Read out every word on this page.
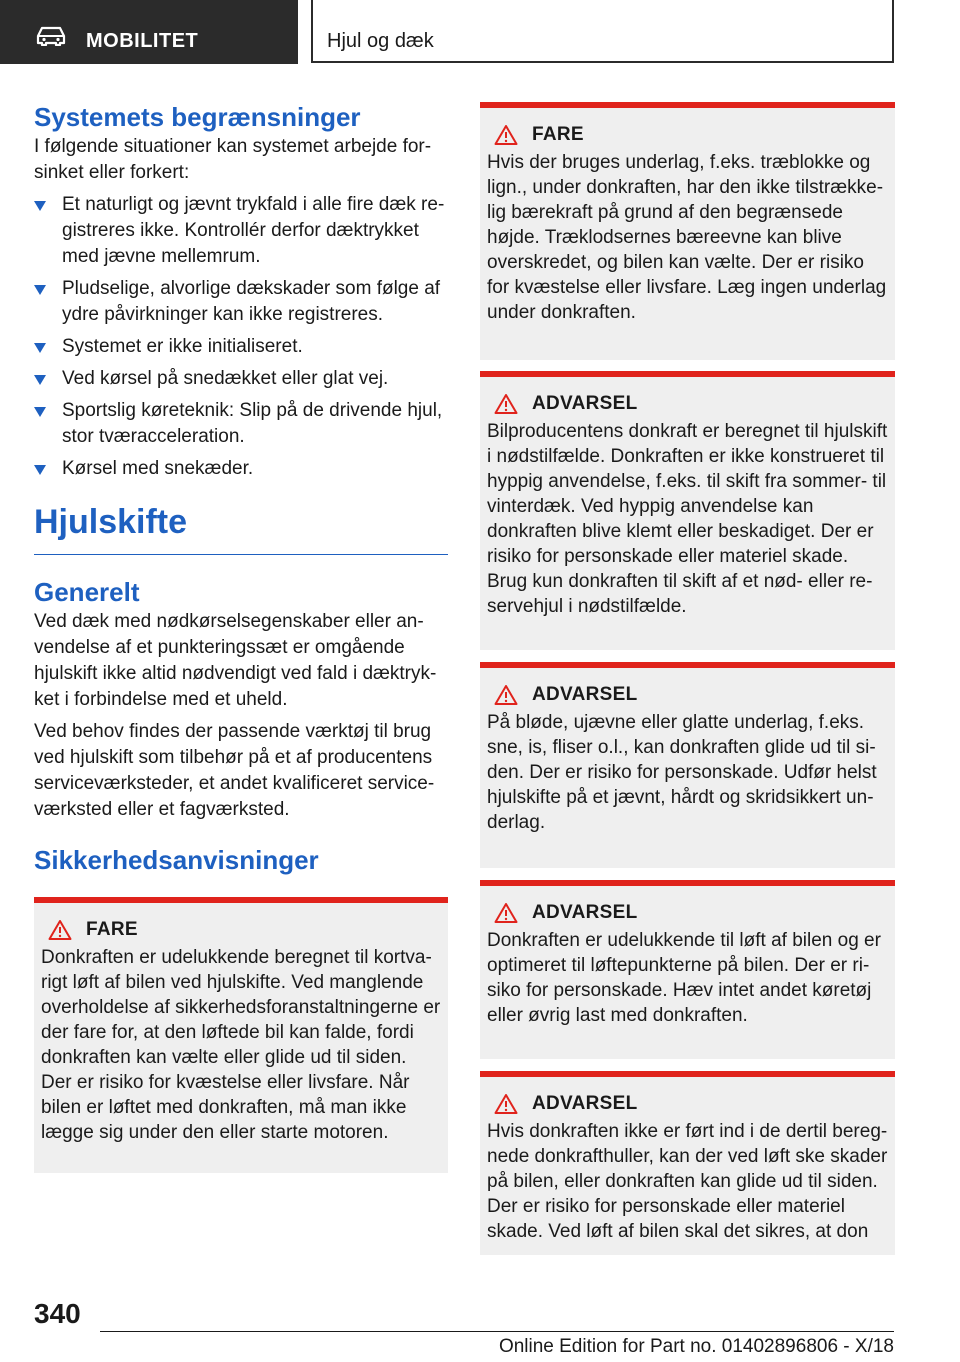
MOBILITET	Hjul og dæk
Systemets begrænsninger

I følgende situationer kan systemet arbejde forsinket eller forkert:

Et naturligt og jævnt trykfald i alle fire dæk registreres ikke. Kontrollér derfor dæktrykket med jævne mellemrum.
Pludselige, alvorlige dækskader som følge af ydre påvirkninger kan ikke registreres.
Systemet er ikke initialiseret.
Ved kørsel på snedækket eller glat vej.
Sportslig køreteknik: Slip på de drivende hjul, stor tværacceleration.
Kørsel med snekæder.
Hjulskifte
Generelt

Ved dæk med nødkørselsegenskaber eller anvendelse af et punkteringssæt er omgående hjulskift ikke altid nødvendigt ved fald i dæktrykket i forbindelse med et uheld.

Ved behov findes der passende værktøj til brug ved hjulskift som tilbehør på et af producentens serviceværksteder, et andet kvalificeret serviceværksted eller et fagværksted.

Sikkerhedsanvisninger
FARE

Donkraften er udelukkende beregnet til kortvarigt løft af bilen ved hjulskifte. Ved manglende overholdelse af sikkerhedsforanstaltningerne er der fare for, at den løftede bil kan falde, fordi donkraften kan vælte eller glide ud til siden. Der er risiko for kvæstelse eller livsfare. Når bilen er løftet med donkraften, må man ikke lægge sig under den eller starte motoren.

FARE

Hvis der bruges underlag, f.eks. træblokke og lign., under donkraften, har den ikke tilstrækkelig bærekraft på grund af den begrænsede højde. Træklodsernes bæreevne kan blive overskredet, og bilen kan vælte. Der er risiko for kvæstelse eller livsfare. Læg ingen underlag under donkraften.

ADVARSEL

Bilproducentens donkraft er beregnet til hjulskift i nødstilfælde. Donkraften er ikke konstrueret til hyppig anvendelse, f.eks. til skift fra sommer- til vinterdæk. Ved hyppig anvendelse kan donkraften blive klemt eller beskadiget. Der er risiko for personskade eller materiel skade. Brug kun donkraften til skift af et nød- eller reservehjul i nødstilfælde.

ADVARSEL

På bløde, ujævne eller glatte underlag, f.eks. sne, is, fliser o.l., kan donkraften glide ud til siden. Der er risiko for personskade. Udfør helst hjulskifte på et jævnt, hårdt og skridsikkert underlag.

ADVARSEL

Donkraften er udelukkende til løft af bilen og er optimeret til løftepunkterne på bilen. Der er risiko for personskade. Hæv intet andet køretøj eller øvrig last med donkraften.

ADVARSEL

Hvis donkraften ikke er ført ind i de dertil beregnede donkrafthuller, kan der ved løft ske skader på bilen, eller donkraften kan glide ud til siden. Der er risiko for personskade eller materiel skade. Ved løft af bilen skal det sikres, at don

340
Online Edition for Part no. 01402896806 - X/18
